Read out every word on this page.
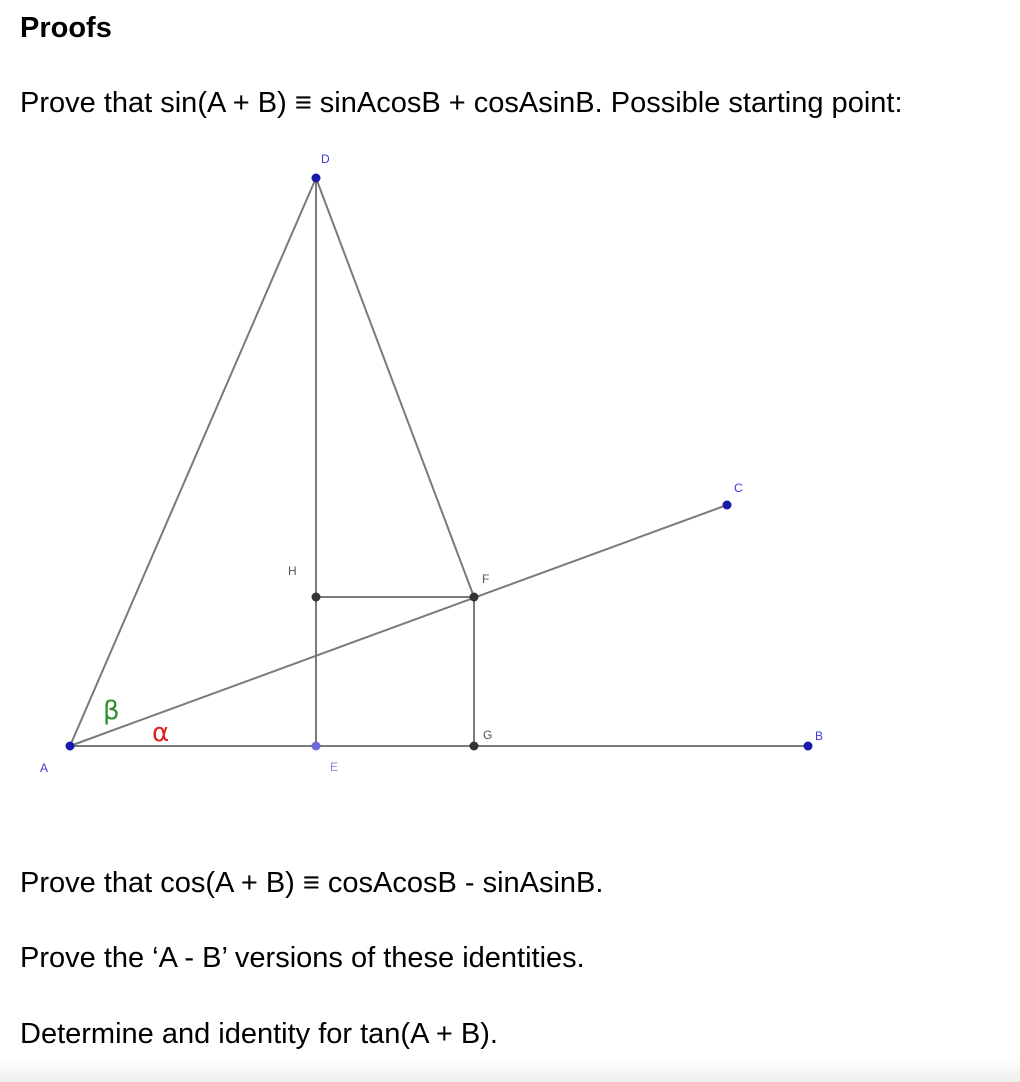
Proofs

Prove that sin(A + B) ≡ sinAcosB + cosAsinB. Possible starting point:

A
B
C
D
E
F
G
H
β
α

Prove that cos(A + B) ≡ cosAcosB - sinAsinB.

Prove the ‘A - B’ versions of these identities.

Determine and identity for tan(A + B).
